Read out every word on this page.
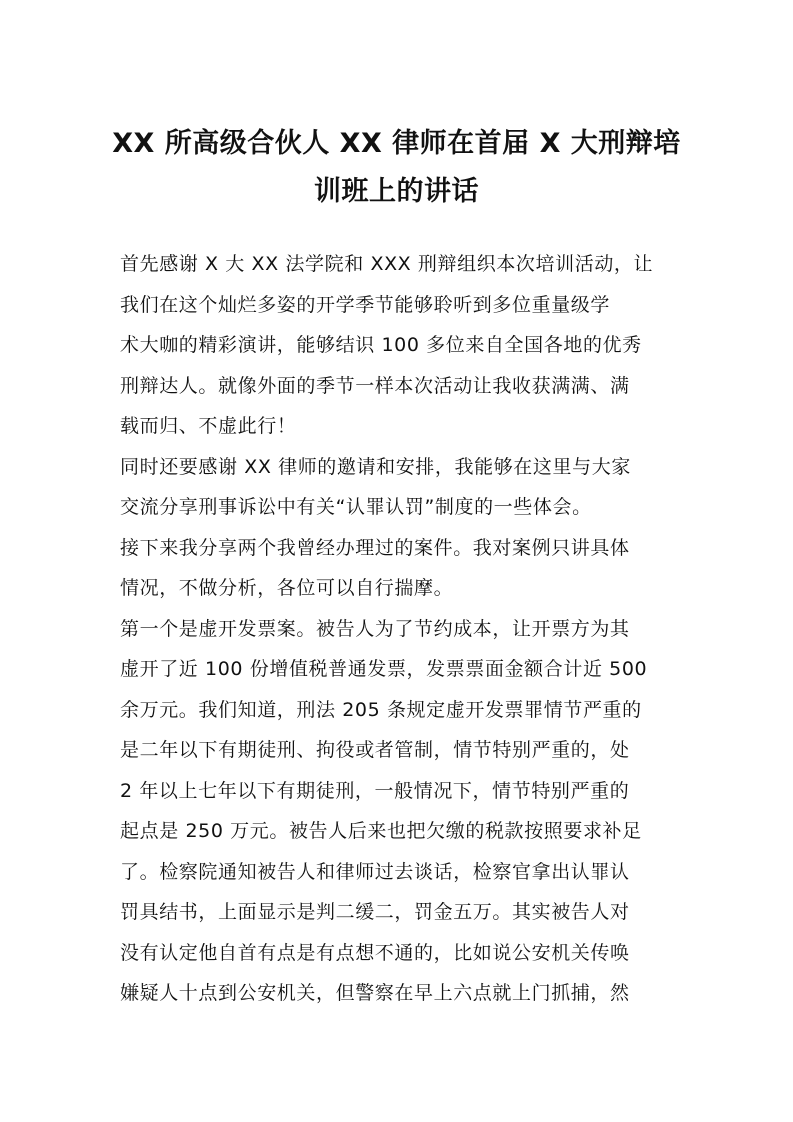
XX 所高级合伙人 XX 律师在首届 X 大刑辩培
训班上的讲话
首先感谢 X 大 XX 法学院和 XXX 刑辩组织本次培训活动，让
我们在这个灿烂多姿的开学季节能够聆听到多位重量级学
术大咖的精彩演讲，能够结识 100 多位来自全国各地的优秀
刑辩达人。就像外面的季节一样本次活动让我收获满满、满
载而归、不虚此行！
同时还要感谢 XX 律师的邀请和安排，我能够在这里与大家
交流分享刑事诉讼中有关“认罪认罚”制度的一些体会。
接下来我分享两个我曾经办理过的案件。我对案例只讲具体
情况，不做分析，各位可以自行揣摩。
第一个是虚开发票案。被告人为了节约成本，让开票方为其
虚开了近 100 份增值税普通发票，发票票面金额合计近 500
余万元。我们知道，刑法 205 条规定虚开发票罪情节严重的
是二年以下有期徒刑、拘役或者管制，情节特别严重的，处
2 年以上七年以下有期徒刑，一般情况下，情节特别严重的
起点是 250 万元。被告人后来也把欠缴的税款按照要求补足
了。检察院通知被告人和律师过去谈话，检察官拿出认罪认
罚具结书，上面显示是判二缓二，罚金五万。其实被告人对
没有认定他自首有点是有点想不通的，比如说公安机关传唤
嫌疑人十点到公安机关，但警察在早上六点就上门抓捕，然
